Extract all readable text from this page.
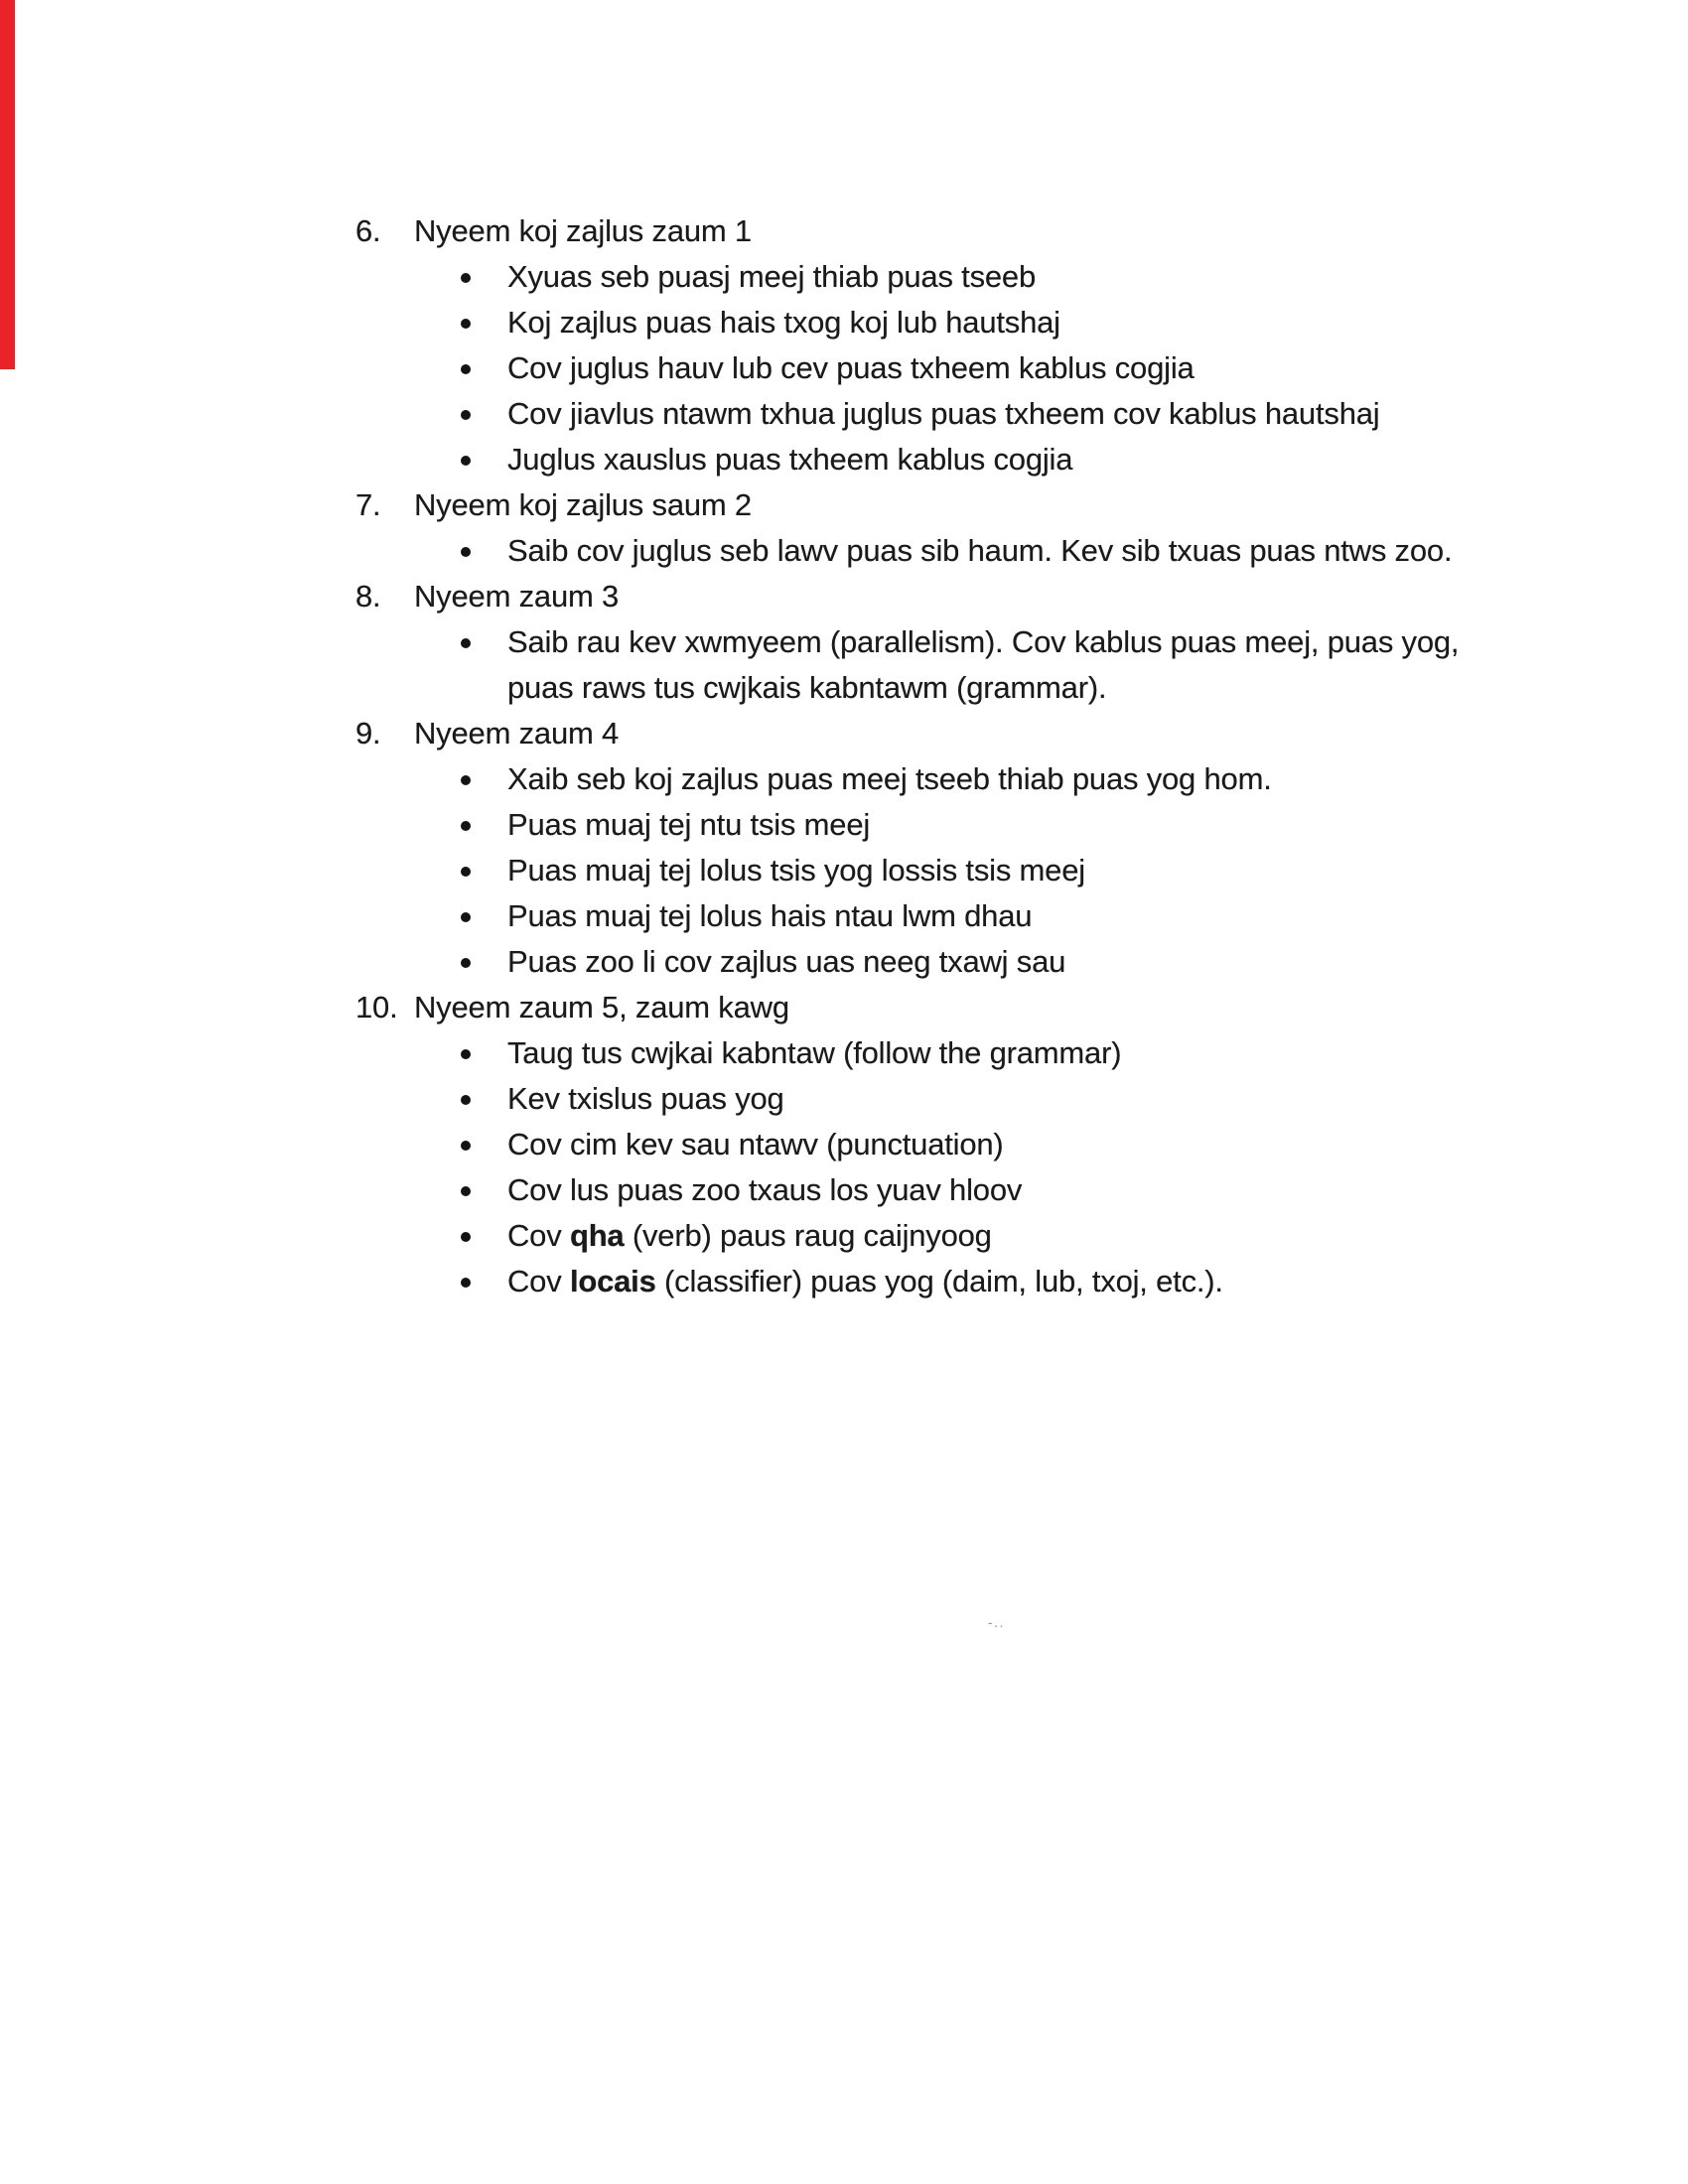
6. Nyeem koj zajlus zaum 1
Xyuas seb puasj meej thiab puas tseeb
Koj zajlus puas hais txog koj lub hautshaj
Cov juglus hauv lub cev puas txheem kablus cogjia
Cov jiavlus ntawm txhua juglus puas txheem cov kablus hautshaj
Juglus xauslus puas txheem kablus cogjia
7. Nyeem koj zajlus saum 2
Saib cov juglus seb lawv puas sib haum. Kev sib txuas puas ntws zoo.
8. Nyeem zaum 3
Saib rau kev xwmyeem (parallelism). Cov kablus puas meej, puas yog,
puas raws tus cwjkais kabntawm (grammar).
9. Nyeem zaum 4
Xaib seb koj zajlus puas meej tseeb thiab puas yog hom.
Puas muaj tej ntu tsis meej
Puas muaj tej lolus tsis yog lossis tsis meej
Puas muaj tej lolus hais ntau lwm dhau
Puas zoo li cov zajlus uas neeg txawj sau
10. Nyeem zaum 5, zaum kawg
Taug tus cwjkai kabntaw (follow the grammar)
Kev txislus puas yog
Cov cim kev sau ntawv (punctuation)
Cov lus puas zoo txaus los yuav hloov
Cov qha (verb) paus raug caijnyoog
Cov locais (classifier) puas yog (daim, lub, txoj, etc.).
-..
